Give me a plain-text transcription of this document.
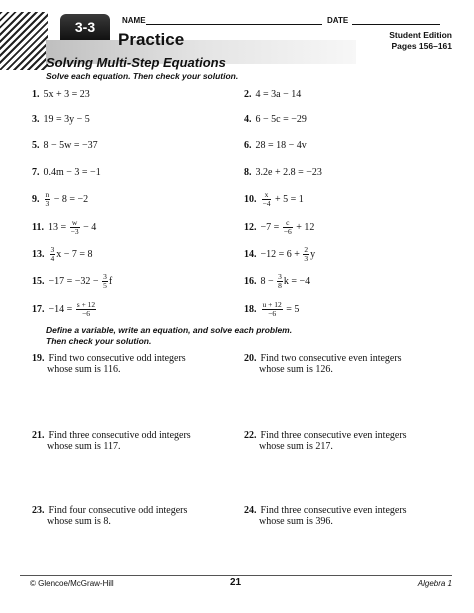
3-3
Practice
NAME	DATE
Student Edition
Pages 156–161
Solving Multi-Step Equations
Solve each equation. Then check your solution.
1. 5x + 3 = 23	2. 4 = 3a − 14
3. 19 = 3y − 5	4. 6 − 5c = −29
5. 8 − 5w = −37	6. 28 = 18 − 4v
7. 0.4m − 3 = −1	8. 3.2e + 2.8 = −23
9. $\frac{n}{3} - 8 = -2$	10. $\frac{x}{-4} + 5 = 1$
11. $13 = \frac{w}{-3} - 4$	12. $-7 = \frac{c}{-6} + 12$
13. $\frac{3}{4}$ x − 7 = 8	14. $-12 = 6 + \frac{2}{3}$ y
15. $-17 = -32 - \frac{3}{5}$ f	16. $8 - \frac{3}{8}$ k = −4
17. $-14 = \frac{s + 12}{-6}$	18. $\frac{u + 12}{-6} = 5$
Define a variable, write an equation, and solve each problem.
Then check your solution.
19. Find two consecutive odd integers
whose sum is 116.
20. Find two consecutive even integers
whose sum is 126.
21. Find three consecutive odd integers
whose sum is 117.
22. Find three consecutive even integers
whose sum is 217.
23. Find four consecutive odd integers
whose sum is 8.
24. Find three consecutive even integers
whose sum is 396.
© Glencoe/McGraw-Hill	21	Algebra 1
